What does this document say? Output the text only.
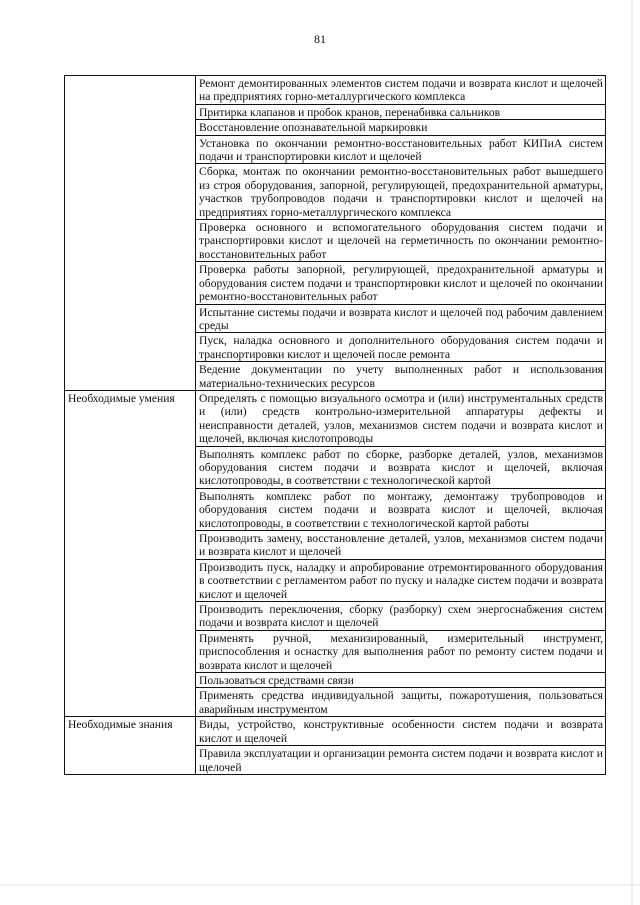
81
	Ремонт демонтированных элементов систем подачи и возврата кислот и щелочей на предприятиях горно-металлургического комплекса
	Притирка клапанов и пробок кранов, перенабивка сальников
	Восстановление опознавательной маркировки
	Установка по окончании ремонтно-восстановительных работ КИПиА систем подачи и транспортировки кислот и щелочей
	Сборка, монтаж по окончании ремонтно-восстановительных работ вышедшего из строя оборудования, запорной, регулирующей, предохранительной арматуры, участков трубопроводов подачи и транспортировки кислот и щелочей на предприятиях горно-металлургического комплекса
	Проверка основного и вспомогательного оборудования систем подачи и транспортировки кислот и щелочей на герметичность по окончании ремонтно-восстановительных работ
	Проверка работы запорной, регулирующей, предохранительной арматуры и оборудования систем подачи и транспортировки кислот и щелочей по окончании ремонтно-восстановительных работ
	Испытание системы подачи и возврата кислот и щелочей под рабочим давлением среды
	Пуск, наладка основного и дополнительного оборудования систем подачи и транспортировки кислот и щелочей после ремонта
	Ведение документации по учету выполненных работ и использования материально-технических ресурсов
Необходимые умения	Определять с помощью визуального осмотра и (или) инструментальных средств и (или) средств контрольно-измерительной аппаратуры дефекты и неисправности деталей, узлов, механизмов систем подачи и возврата кислот и щелочей, включая кислотопроводы
	Выполнять комплекс работ по сборке, разборке деталей, узлов, механизмов оборудования систем подачи и возврата кислот и щелочей, включая кислотопроводы, в соответствии с технологической картой
	Выполнять комплекс работ по монтажу, демонтажу трубопроводов и оборудования систем подачи и возврата кислот и щелочей, включая кислотопроводы, в соответствии с технологической картой работы
	Производить замену, восстановление деталей, узлов, механизмов систем подачи и возврата кислот и щелочей
	Производить пуск, наладку и апробирование отремонтированного оборудования в соответствии с регламентом работ по пуску и наладке систем подачи и возврата кислот и щелочей
	Производить переключения, сборку (разборку) схем энергоснабжения систем подачи и возврата кислот и щелочей
	Применять ручной, механизированный, измерительный инструмент, приспособления и оснастку для выполнения работ по ремонту систем подачи и возврата кислот и щелочей
	Пользоваться средствами связи
	Применять средства индивидуальной защиты, пожаротушения, пользоваться аварийным инструментом
Необходимые знания	Виды, устройство, конструктивные особенности систем подачи и возврата кислот и щелочей
	Правила эксплуатации и организации ремонта систем подачи и возврата кислот и щелочей
